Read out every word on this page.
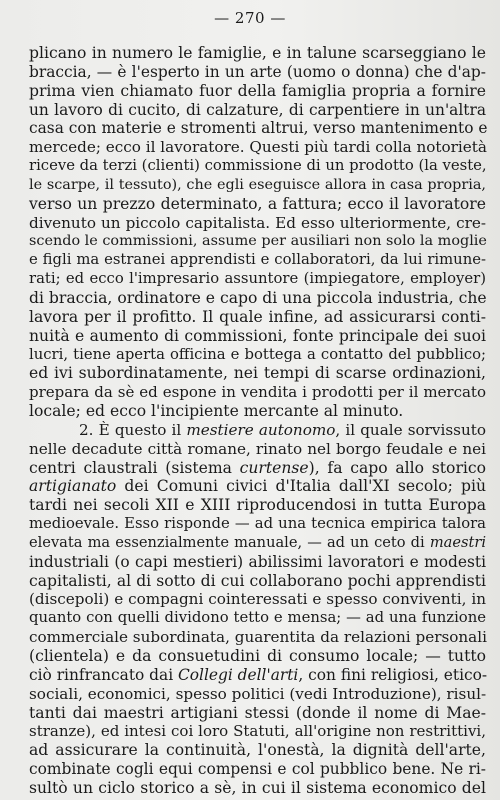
— 270 —
plicano in numero le famiglie, e in talune scarseggiano le
braccia, — è l'esperto in un arte (uomo o donna) che d'ap-
prima vien chiamato fuor della famiglia propria a fornire
un lavoro di cucito, di calzature, di carpentiere in un'altra
casa con materie e stromenti altrui, verso mantenimento e
mercede; ecco il lavoratore. Questi più tardi colla notorietà
riceve da terzi (clienti) commissione di un prodotto (la veste,
le scarpe, il tessuto), che egli eseguisce allora in casa propria,
verso un prezzo determinato, a fattura; ecco il lavoratore
divenuto un piccolo capitalista. Ed esso ulteriormente, cre-
scendo le commissioni, assume per ausiliari non solo la moglie
e figli ma estranei apprendisti e collaboratori, da lui rimune-
rati; ed ecco l'impresario assuntore (impiegatore, employer)
di braccia, ordinatore e capo di una piccola industria, che
lavora per il profitto. Il quale infine, ad assicurarsi conti-
nuità e aumento di commissioni, fonte principale dei suoi
lucri, tiene aperta officina e bottega a contatto del pubblico;
ed ivi subordinatamente, nei tempi di scarse ordinazioni,
prepara da sè ed espone in vendita i prodotti per il mercato
locale; ed ecco l'incipiente mercante al minuto.
2. È questo il mestiere autonomo, il quale sorvissuto
nelle decadute città romane, rinato nel borgo feudale e nei
centri claustrali (sistema curtense), fa capo allo storico
artigianato dei Comuni civici d'Italia dall'XI secolo; più
tardi nei secoli XII e XIII riproducendosi in tutta Europa
medioevale. Esso risponde — ad una tecnica empirica talora
elevata ma essenzialmente manuale, — ad un ceto di maestri
industriali (o capi mestieri) abilissimi lavoratori e modesti
capitalisti, al di sotto di cui collaborano pochi apprendisti
(discepoli) e compagni cointeressati e spesso conviventi, in
quanto con quelli dividono tetto e mensa; — ad una funzione
commerciale subordinata, guarentita da relazioni personali
(clientela) e da consuetudini di consumo locale; — tutto
ciò rinfrancato dai Collegi dell'arti, con fini religiosi, etico-
sociali, economici, spesso politici (vedi Introduzione), risul-
tanti dai maestri artigiani stessi (donde il nome di Mae-
stranze), ed intesi coi loro Statuti, all'origine non restrittivi,
ad assicurare la continuità, l'onestà, la dignità dell'arte,
combinate cogli equi compensi e col pubblico bene. Ne ri-
sultò un ciclo storico a sè, in cui il sistema economico del
